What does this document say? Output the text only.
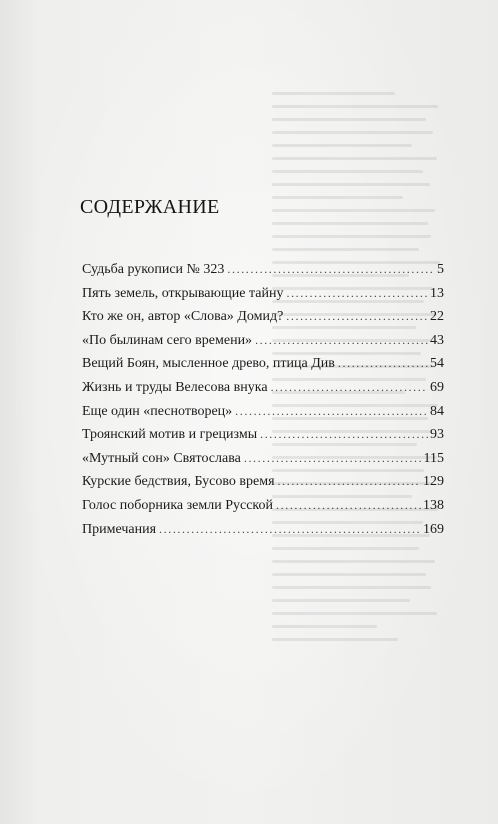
СОДЕРЖАНИЕ
Судьба рукописи № 323 .....	5
Пять земель, открывающие тайну .....	13
Кто же он, автор «Слова» Домид? .....	22
«По былинам сего времени» .....	43
Вещий Боян, мысленное древо, птица Див .....	54
Жизнь и труды Велесова внука .....	69
Еще один «песнотворец» .....	84
Троянский мотив и грецизмы .....	93
«Мутный сон» Святослава .....	115
Курские бедствия, Бусово время .....	129
Голос поборника земли Русской .....	138
Примечания .....	169
